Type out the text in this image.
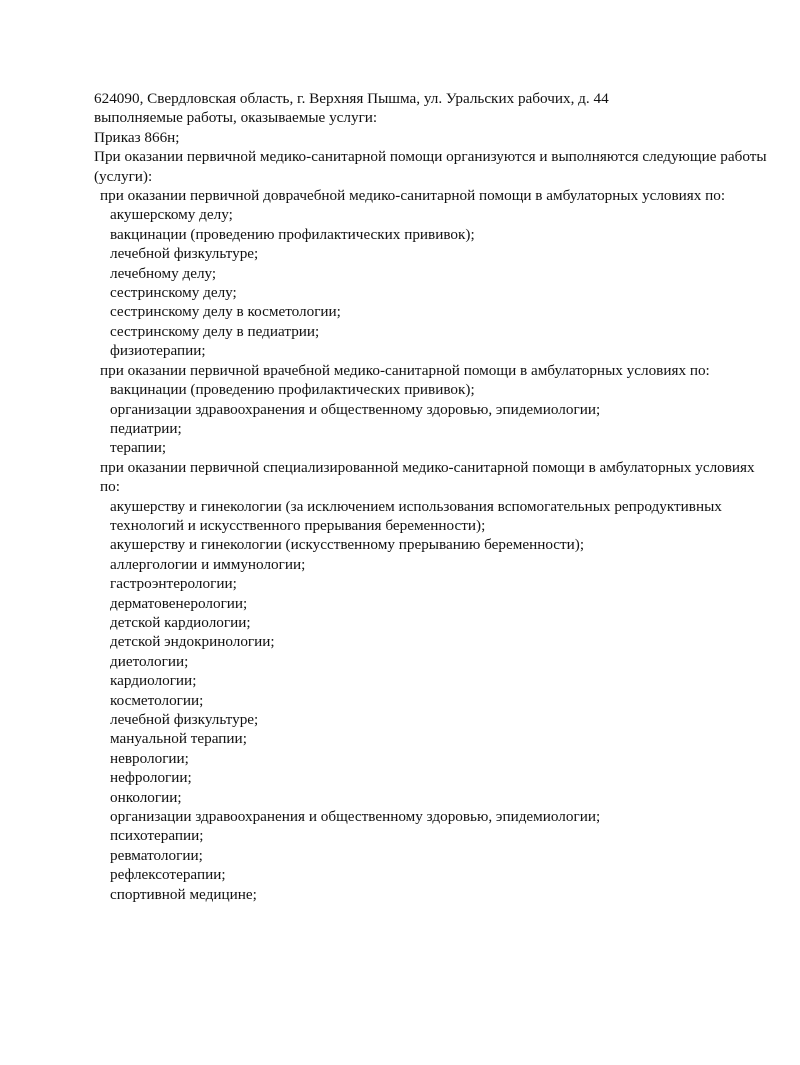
624090, Свердловская область, г. Верхняя Пышма, ул. Уральских рабочих, д. 44
выполняемые работы, оказываемые услуги:
Приказ 866н;
При оказании первичной медико-санитарной помощи организуются и выполняются следующие работы (услуги):
при оказании первичной доврачебной медико-санитарной помощи в амбулаторных условиях по:
акушерскому делу;
вакцинации (проведению профилактических прививок);
лечебной физкультуре;
лечебному делу;
сестринскому делу;
сестринскому делу в косметологии;
сестринскому делу в педиатрии;
физиотерапии;
при оказании первичной врачебной медико-санитарной помощи в амбулаторных условиях по:
вакцинации (проведению профилактических прививок);
организации здравоохранения и общественному здоровью, эпидемиологии;
педиатрии;
терапии;
при оказании первичной специализированной медико-санитарной помощи в амбулаторных условиях по:
акушерству и гинекологии (за исключением использования вспомогательных репродуктивных технологий и искусственного прерывания беременности);
акушерству и гинекологии (искусственному прерыванию беременности);
аллергологии и иммунологии;
гастроэнтерологии;
дерматовенерологии;
детской кардиологии;
детской эндокринологии;
диетологии;
кардиологии;
косметологии;
лечебной физкультуре;
мануальной терапии;
неврологии;
нефрологии;
онкологии;
организации здравоохранения и общественному здоровью, эпидемиологии;
психотерапии;
ревматологии;
рефлексотерапии;
спортивной медицине;
